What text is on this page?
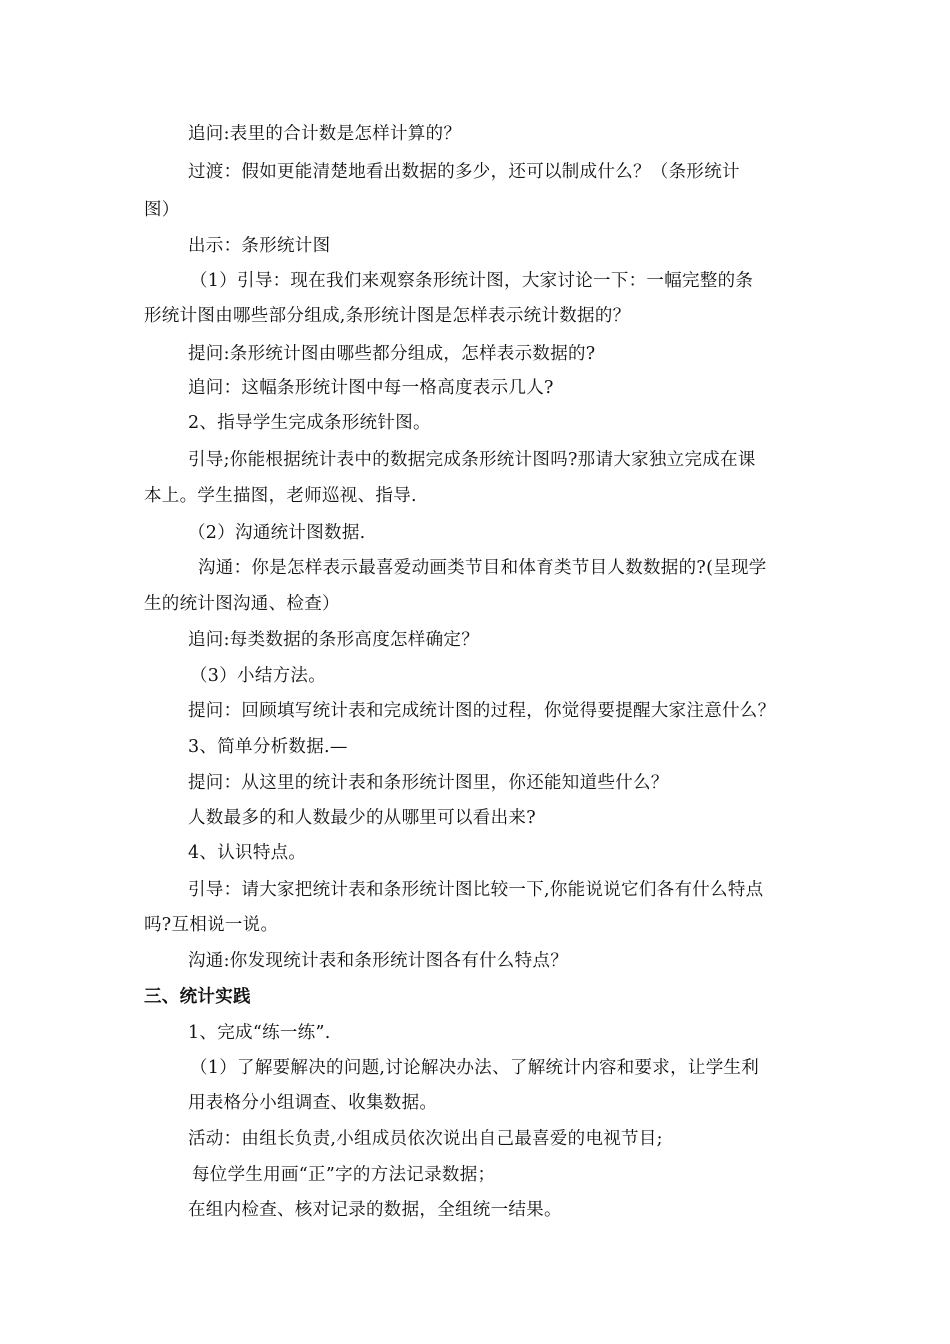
追问:表里的合计数是怎样计算的？
过渡：假如更能清楚地看出数据的多少，还可以制成什么？（条形统计
图）
出示：条形统计图
（1）引导：现在我们来观察条形统计图，大家讨论一下：一幅完整的条
形统计图由哪些部分组成,条形统计图是怎样表示统计数据的？
提问:条形统计图由哪些都分组成，怎样表示数据的?
追问：这幅条形统计图中每一格高度表示几人?
2、指导学生完成条形统针图。
引导;你能根据统计表中的数据完成条形统计图吗?那请大家独立完成在课
本上。学生描图，老师巡视、指导.
（2）沟通统计图数据.
沟通：你是怎样表示最喜爱动画类节目和体育类节目人数数据的?(呈现学
生的统计图沟通、检查）
追问:每类数据的条形高度怎样确定？
（3）小结方法。
提问：回顾填写统计表和完成统计图的过程，你觉得要提醒大家注意什么？
3、简单分析数据.—
提问：从这里的统计表和条形统计图里，你还能知道些什么？
人数最多的和人数最少的从哪里可以看出来?
4、认识特点。
引导：请大家把统计表和条形统计图比较一下,你能说说它们各有什么特点
吗?互相说一说。
沟通:你发现统计表和条形统计图各有什么特点？
三、统计实践
1、完成“练一练”.
（1）了解要解决的问题,讨论解决办法、了解统计内容和要求，让学生利
用表格分小组调查、收集数据。
活动：由组长负责,小组成员依次说出自己最喜爱的电视节目;
每位学生用画“正”字的方法记录数据；
在组内检查、核对记录的数据，全组统一结果。
